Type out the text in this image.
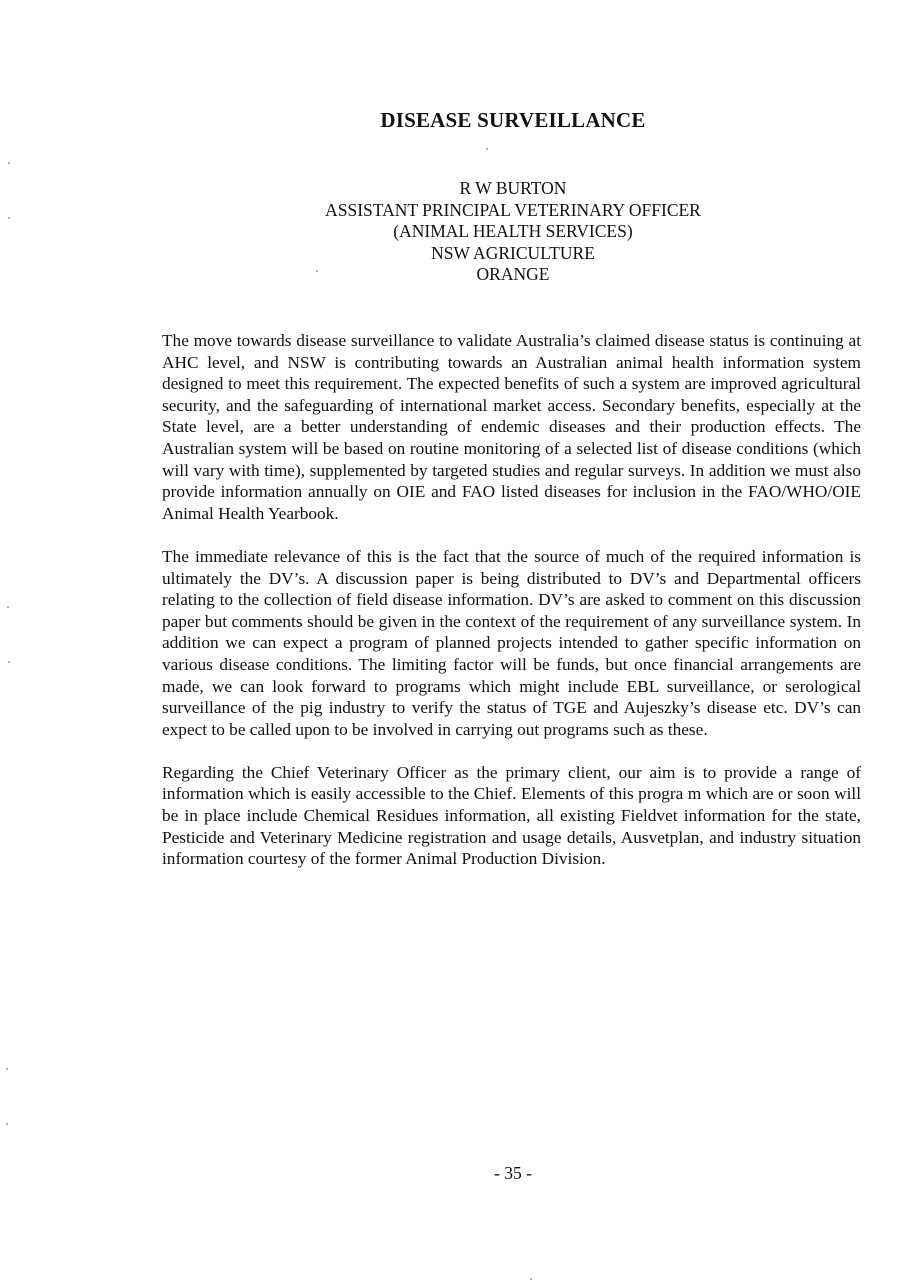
DISEASE SURVEILLANCE
R W BURTON
ASSISTANT PRINCIPAL VETERINARY OFFICER
(ANIMAL HEALTH SERVICES)
NSW AGRICULTURE
ORANGE

The move towards disease surveillance to validate Australia’s claimed disease status is continuing at AHC level, and NSW is contributing towards an Australian animal health information system designed to meet this requirement. The expected benefits of such a system are improved agricultural security, and the safeguarding of international market access. Secondary benefits, especially at the State level, are a better understanding of endemic diseases and their production effects. The Australian system will be based on routine monitoring of a selected list of disease conditions (which will vary with time), supplemented by targeted studies and regular surveys. In addition we must also provide information annually on OIE and FAO listed diseases for inclusion in the FAO/WHO/OIE Animal Health Yearbook.

The immediate relevance of this is the fact that the source of much of the required information is ultimately the DV’s. A discussion paper is being distributed to DV’s and Departmental officers relating to the collection of field disease information. DV’s are asked to comment on this discussion paper but comments should be given in the context of the requirement of any surveillance system. In addition we can expect a program of planned projects intended to gather specific information on various disease conditions. The limiting factor will be funds, but once financial arrangements are made, we can look forward to programs which might include EBL surveillance, or serological surveillance of the pig industry to verify the status of TGE and Aujeszky’s disease etc. DV’s can expect to be called upon to be involved in carrying out programs such as these.

Regarding the Chief Veterinary Officer as the primary client, our aim is to provide a range of information which is easily accessible to the Chief. Elements of this progra m which are or soon will be in place include Chemical Residues information, all existing Fieldvet information for the state, Pesticide and Veterinary Medicine registration and usage details, Ausvetplan, and industry situation information courtesy of the former Animal Production Division.

- 35 -
